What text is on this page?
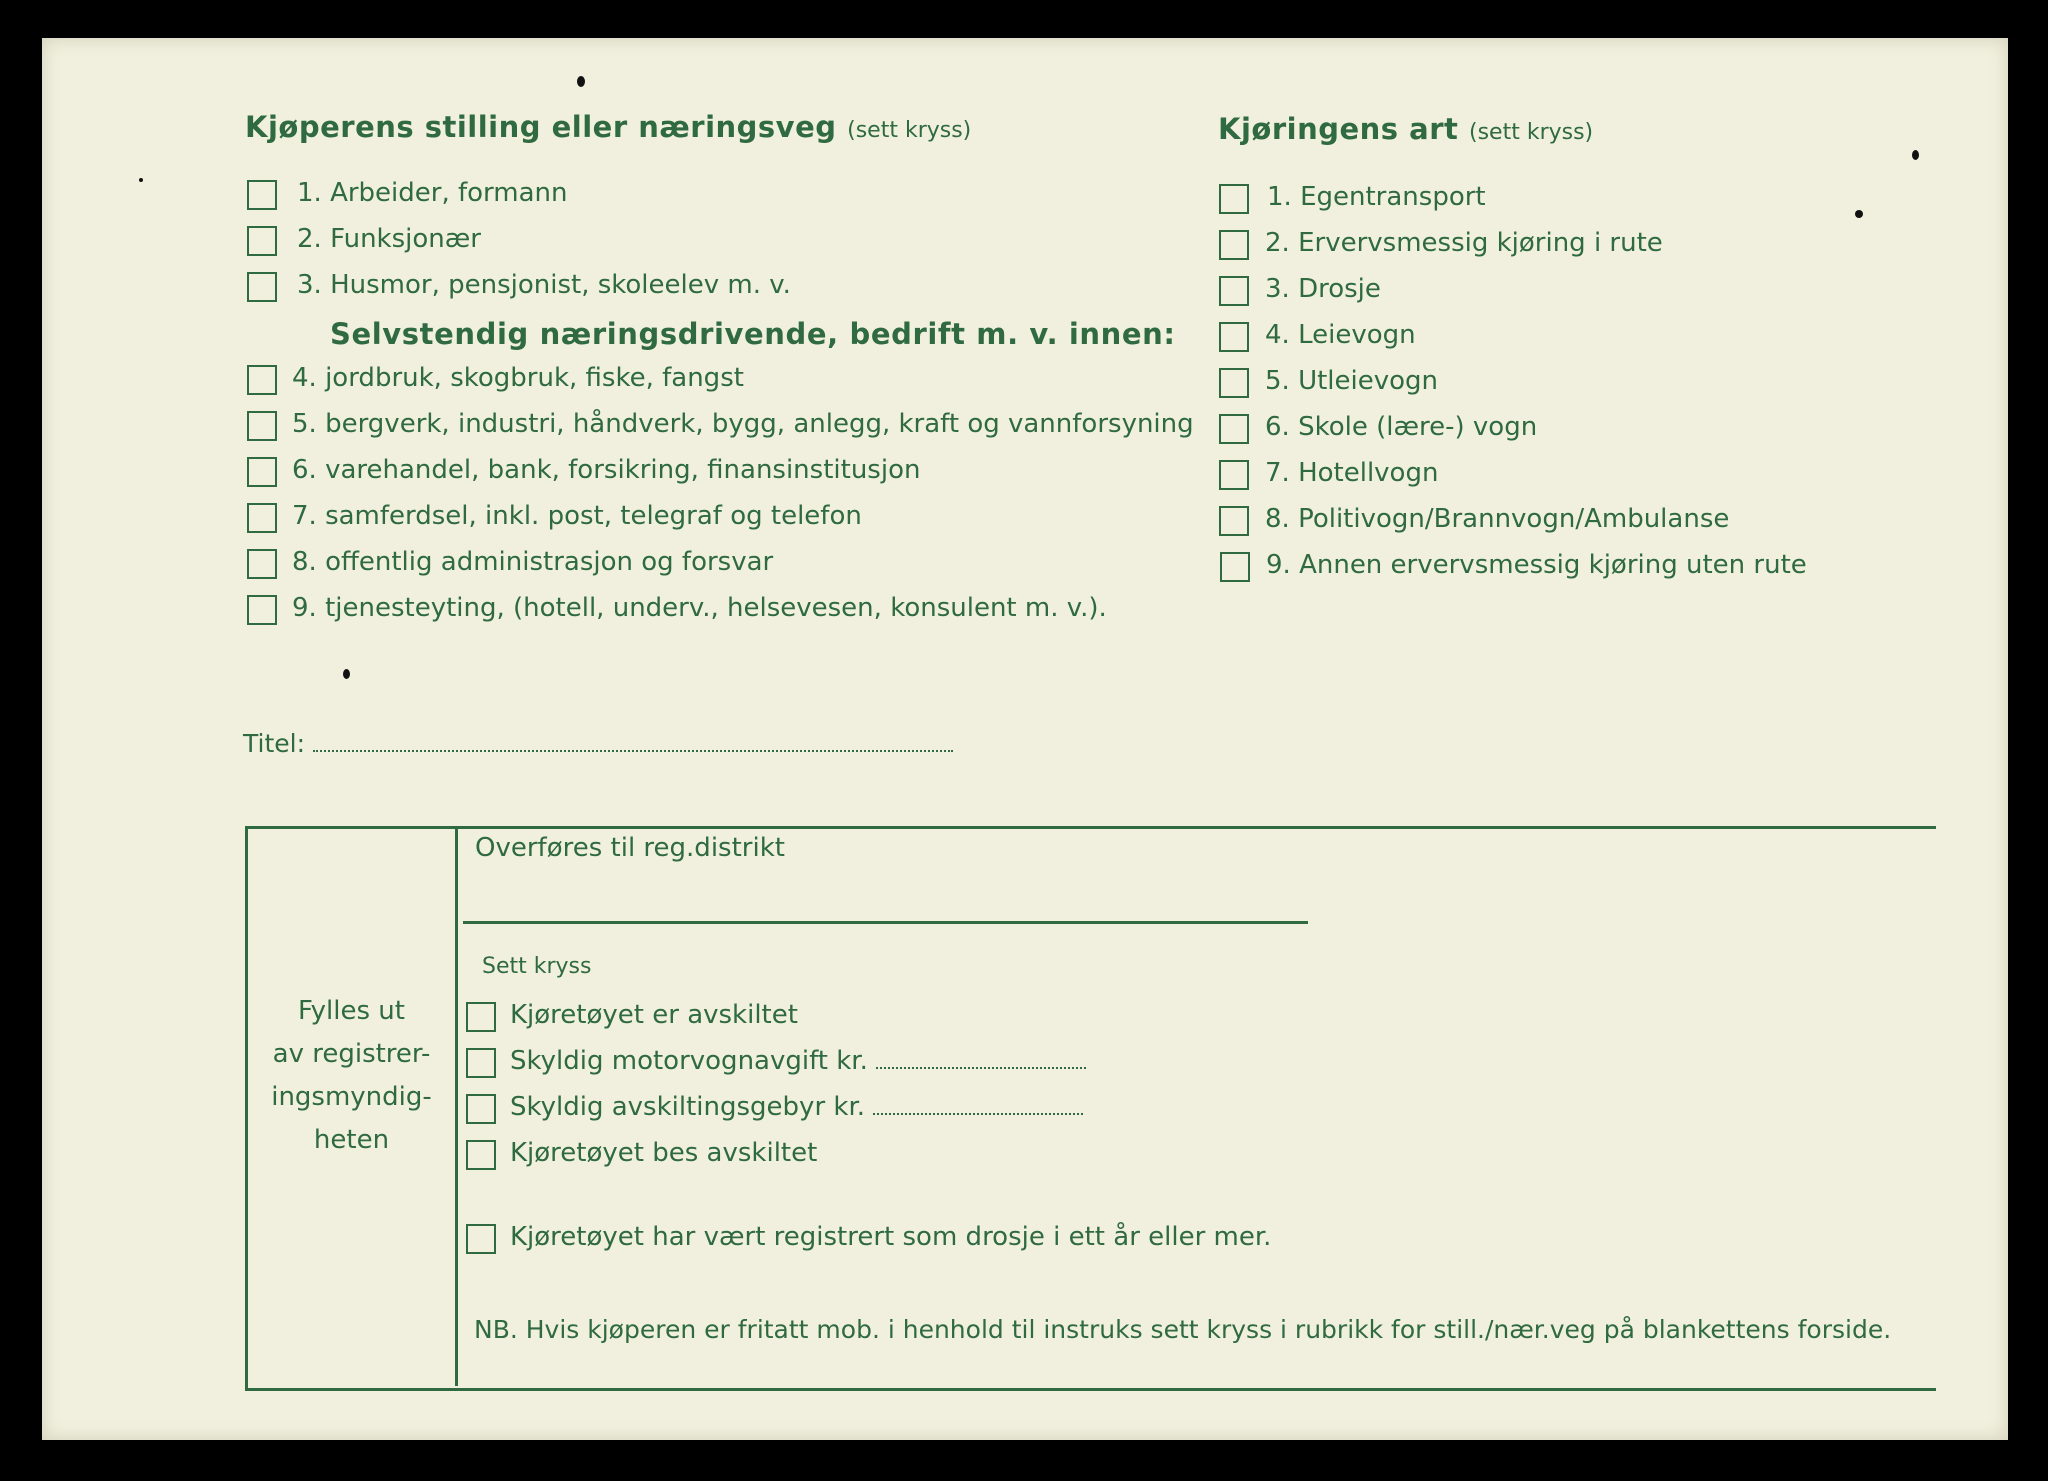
Kjøperens stilling eller næringsveg (sett kryss)
1. Arbeider, formann
2. Funksjonær
3. Husmor, pensjonist, skoleelev m. v.
Selvstendig næringsdrivende, bedrift m. v. innen:
4. jordbruk, skogbruk, fiske, fangst
5. bergverk, industri, håndverk, bygg, anlegg, kraft og vannforsyning
6. varehandel, bank, forsikring, finansinstitusjon
7. samferdsel, inkl. post, telegraf og telefon
8. offentlig administrasjon og forsvar
9. tjenesteyting, (hotell, underv., helsevesen, konsulent m. v.).
Titel:
Kjøringens art (sett kryss)
1. Egentransport
2. Ervervsmessig kjøring i rute
3. Drosje
4. Leievogn
5. Utleievogn
6. Skole (lære-) vogn
7. Hotellvogn
8. Politivogn/Brannvogn/Ambulanse
9. Annen ervervsmessig kjøring uten rute
Fylles ut
av registrer-
ingsmyndig-
heten
Overføres til reg.distrikt
Sett kryss
Kjøretøyet er avskiltet
Skyldig motorvognavgift kr.
Skyldig avskiltingsgebyr kr.
Kjøretøyet bes avskiltet
Kjøretøyet har vært registrert som drosje i ett år eller mer.
NB. Hvis kjøperen er fritatt mob. i henhold til instruks sett kryss i rubrikk for still./nær.veg på blankettens forside.
